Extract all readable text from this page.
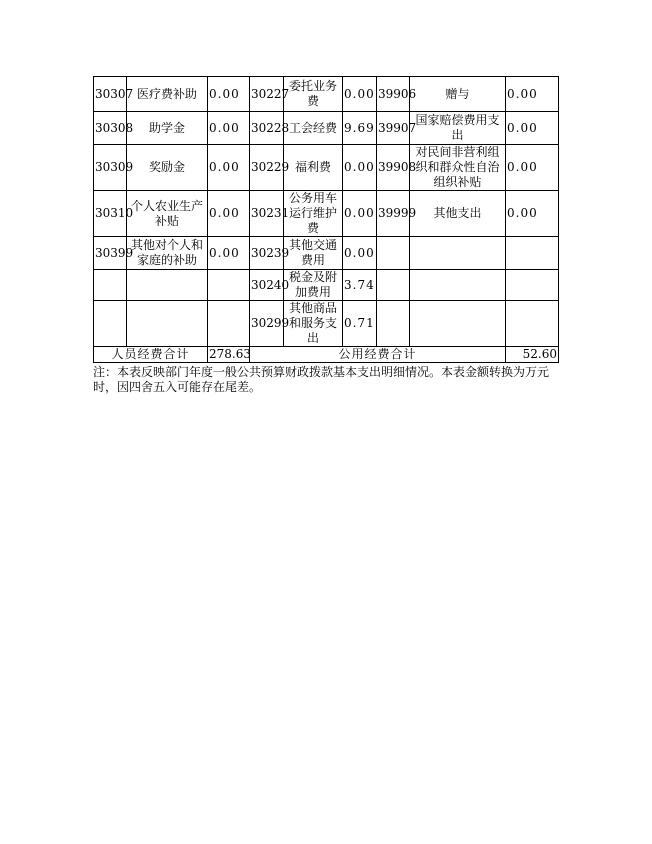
30307	医疗费补助	0.00	30227	委托业务费	0.00	39906	赠与	0.00
30308	助学金	0.00	30228	工会经费	9.69	39907	国家赔偿费用支出	0.00
30309	奖励金	0.00	30229	福利费	0.00	39908	对民间非营利组织和群众性自治组织补贴	0.00
30310	个人农业生产补贴	0.00	30231	公务用车运行维护费	0.00	39999	其他支出	0.00
30399	其他对个人和家庭的补助	0.00	30239	其他交通费用	0.00			
			30240	税金及附加费用	3.74			
			30299	其他商品和服务支出	0.71			
人员经费合计		278.63	公用经费合计					52.60
注：本表反映部门年度一般公共预算财政拨款基本支出明细情况。本表金额转换为万元时，因四舍五入可能存在尾差。
